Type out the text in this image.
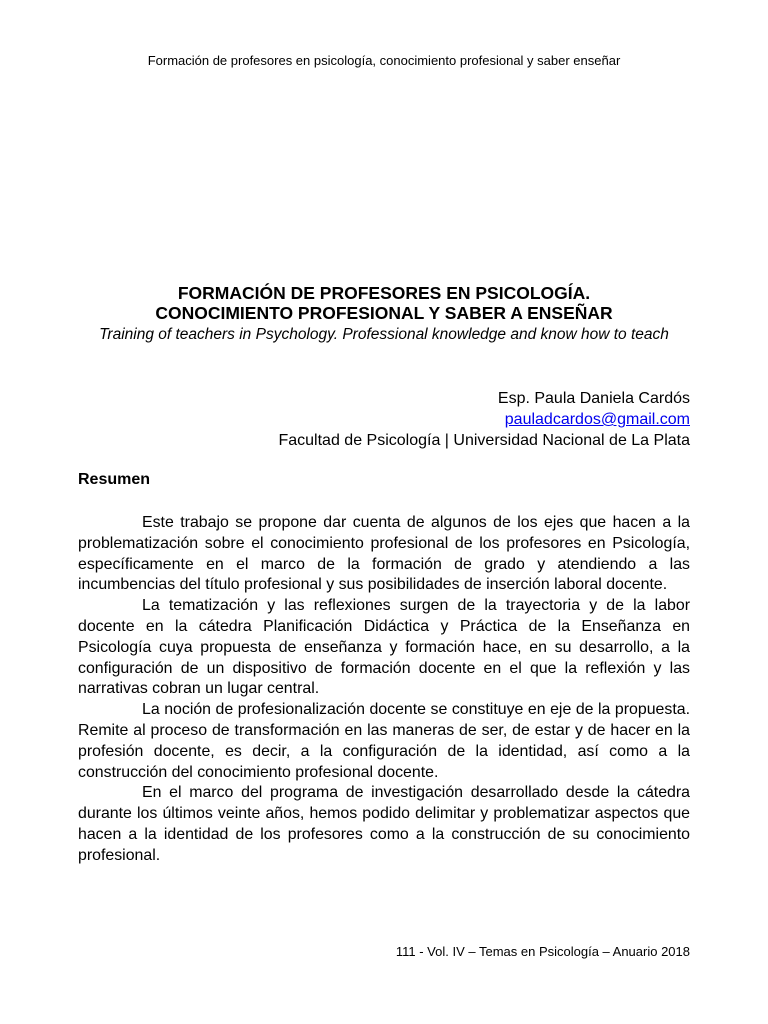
Formación de profesores en psicología, conocimiento profesional y saber enseñar

FORMACIÓN DE PROFESORES EN PSICOLOGÍA.

CONOCIMIENTO PROFESIONAL Y SABER A ENSEÑAR

Training of teachers in Psychology. Professional knowledge and know how to teach

Esp. Paula Daniela Cardós
pauladcardos@gmail.com
Facultad de Psicología | Universidad Nacional de La Plata
Resumen

Este trabajo se propone dar cuenta de algunos de los ejes que hacen a la problematización sobre el conocimiento profesional de los profesores en Psicología, específicamente en el marco de la formación de grado y atendiendo a las incumbencias del título profesional y sus posibilidades de inserción laboral docente.

La tematización y las reflexiones surgen de la trayectoria y de la labor docente en la cátedra Planificación Didáctica y Práctica de la Enseñanza en Psicología cuya propuesta de enseñanza y formación hace, en su desarrollo, a la configuración de un dispositivo de formación docente en el que la reflexión y las narrativas cobran un lugar central.

La noción de profesionalización docente se constituye en eje de la propuesta. Remite al proceso de transformación en las maneras de ser, de estar y de hacer en la profesión docente, es decir, a la configuración de la identidad, así como a la construcción del conocimiento profesional docente.

En el marco del programa de investigación desarrollado desde la cátedra durante los últimos veinte años, hemos podido delimitar y problematizar aspectos que hacen a la identidad de los profesores como a la construcción de su conocimiento profesional.

111 - Vol. IV – Temas en Psicología – Anuario 2018
